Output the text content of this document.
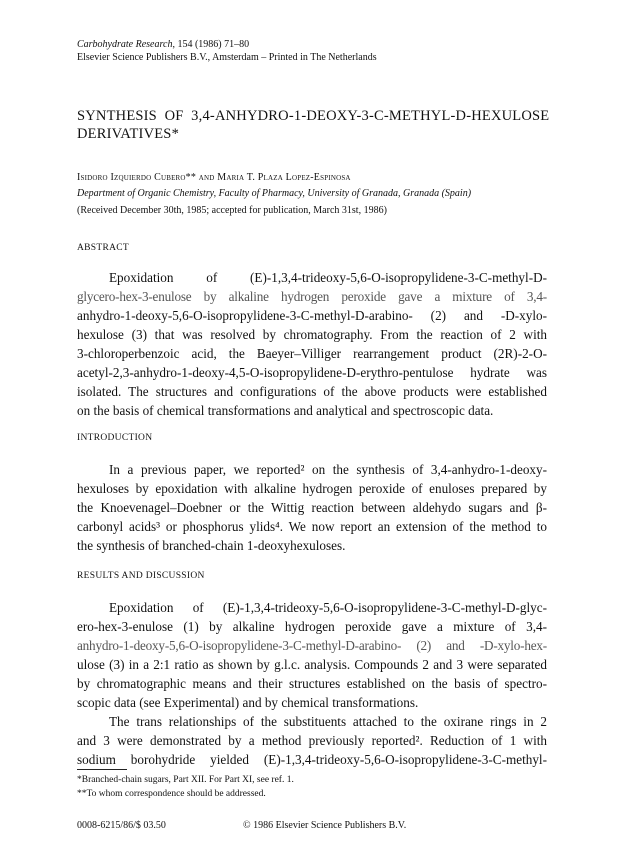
Carbohydrate Research, 154 (1986) 71–80
Elsevier Science Publishers B.V., Amsterdam – Printed in The Netherlands
SYNTHESIS  OF  3,4-ANHYDRO-1-DEOXY-3-C-METHYL-D-HEXULOSE
DERIVATIVES*
Isidoro Izquierdo Cubero** and Maria T. Plaza Lopez-Espinosa
Department of Organic Chemistry, Faculty of Pharmacy, University of Granada, Granada (Spain)
(Received December 30th, 1985; accepted for publication, March 31st, 1986)
ABSTRACT
Epoxidation of (E)-1,3,4-trideoxy-5,6-O-isopropylidene-3-C-methyl-D-
glycero-hex-3-enulose by alkaline hydrogen peroxide gave a mixture of 3,4-
anhydro-1-deoxy-5,6-O-isopropylidene-3-C-methyl-D-arabino- (2) and -D-xylo-
hexulose (3) that was resolved by chromatography. From the reaction of 2 with
3-chloroperbenzoic acid, the Baeyer–Villiger rearrangement product (2R)-2-O-
acetyl-2,3-anhydro-1-deoxy-4,5-O-isopropylidene-D-erythro-pentulose hydrate was
isolated. The structures and configurations of the above products were established
on the basis of chemical transformations and analytical and spectroscopic data.
INTRODUCTION
In a previous paper, we reported² on the synthesis of 3,4-anhydro-1-deoxy-
hexuloses by epoxidation with alkaline hydrogen peroxide of enuloses prepared by
the Knoevenagel–Doebner or the Wittig reaction between aldehydo sugars and β-
carbonyl acids³ or phosphorus ylids⁴. We now report an extension of the method to
the synthesis of branched-chain 1-deoxyhexuloses.
RESULTS AND DISCUSSION
Epoxidation of (E)-1,3,4-trideoxy-5,6-O-isopropylidene-3-C-methyl-D-glyc-
ero-hex-3-enulose (1) by alkaline hydrogen peroxide gave a mixture of 3,4-
anhydro-1-deoxy-5,6-O-isopropylidene-3-C-methyl-D-arabino- (2) and -D-xylo-hex-
ulose (3) in a 2:1 ratio as shown by g.l.c. analysis. Compounds 2 and 3 were separated
by chromatographic means and their structures established on the basis of spectro-
scopic data (see Experimental) and by chemical transformations.
The trans relationships of the substituents attached to the oxirane rings in 2
and 3 were demonstrated by a method previously reported². Reduction of 1 with
sodium borohydride yielded (E)-1,3,4-trideoxy-5,6-O-isopropylidene-3-C-methyl-
*Branched-chain sugars, Part XII. For Part XI, see ref. 1.
**To whom correspondence should be addressed.
0008-6215/86/$ 03.50	© 1986 Elsevier Science Publishers B.V.
